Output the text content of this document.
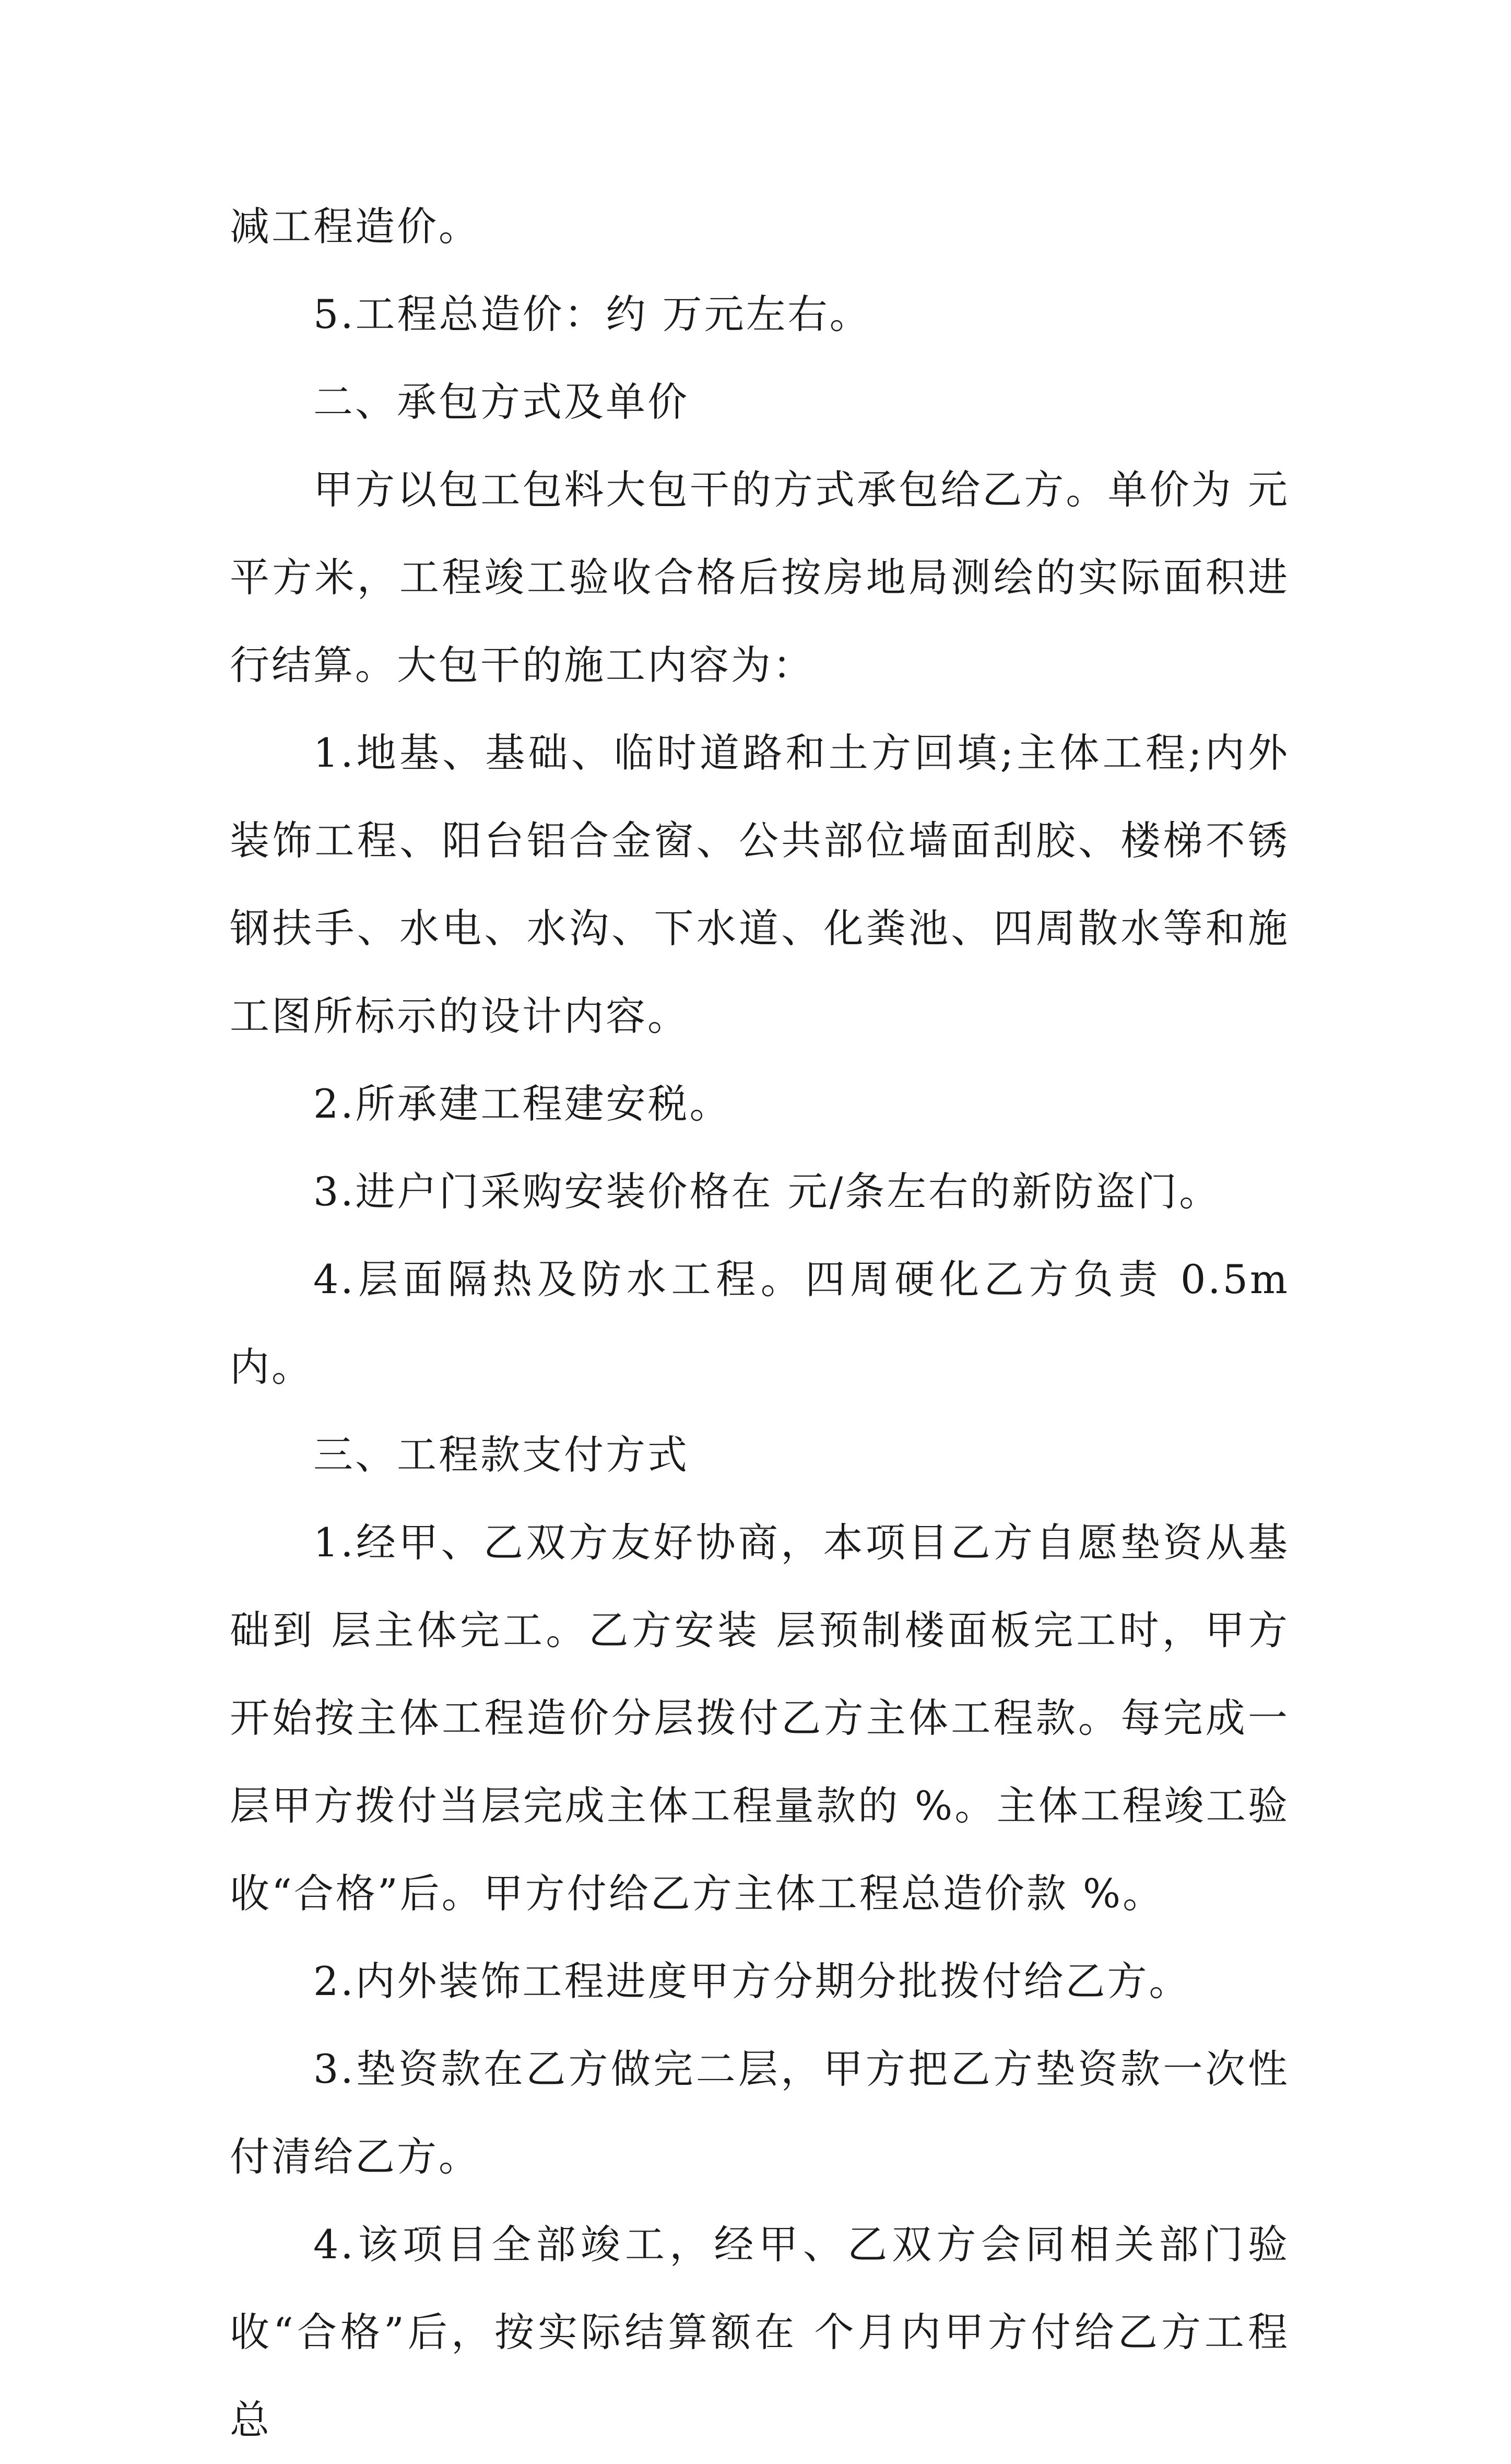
减工程造价。

5.工程总造价：约 万元左右。

二、承包方式及单价

甲方以包工包料大包干的方式承包给乙方。单价为 元平方米，工程竣工验收合格后按房地局测绘的实际面积进行结算。大包干的施工内容为：

1.地基、基础、临时道路和土方回填;主体工程;内外装饰工程、阳台铝合金窗、公共部位墙面刮胶、楼梯不锈钢扶手、水电、水沟、下水道、化粪池、四周散水等和施工图所标示的设计内容。

2.所承建工程建安税。

3.进户门采购安装价格在 元/条左右的新防盗门。

4.层面隔热及防水工程。四周硬化乙方负责 0.5m 内。

三、工程款支付方式

1.经甲、乙双方友好协商，本项目乙方自愿垫资从基础到 层主体完工。乙方安装 层预制楼面板完工时，甲方开始按主体工程造价分层拨付乙方主体工程款。每完成一层甲方拨付当层完成主体工程量款的 %。主体工程竣工验收“合格”后。甲方付给乙方主体工程总造价款 %。

2.内外装饰工程进度甲方分期分批拨付给乙方。

3.垫资款在乙方做完二层，甲方把乙方垫资款一次性付清给乙方。

4.该项目全部竣工，经甲、乙双方会同相关部门验收“合格”后，按实际结算额在 个月内甲方付给乙方工程总
